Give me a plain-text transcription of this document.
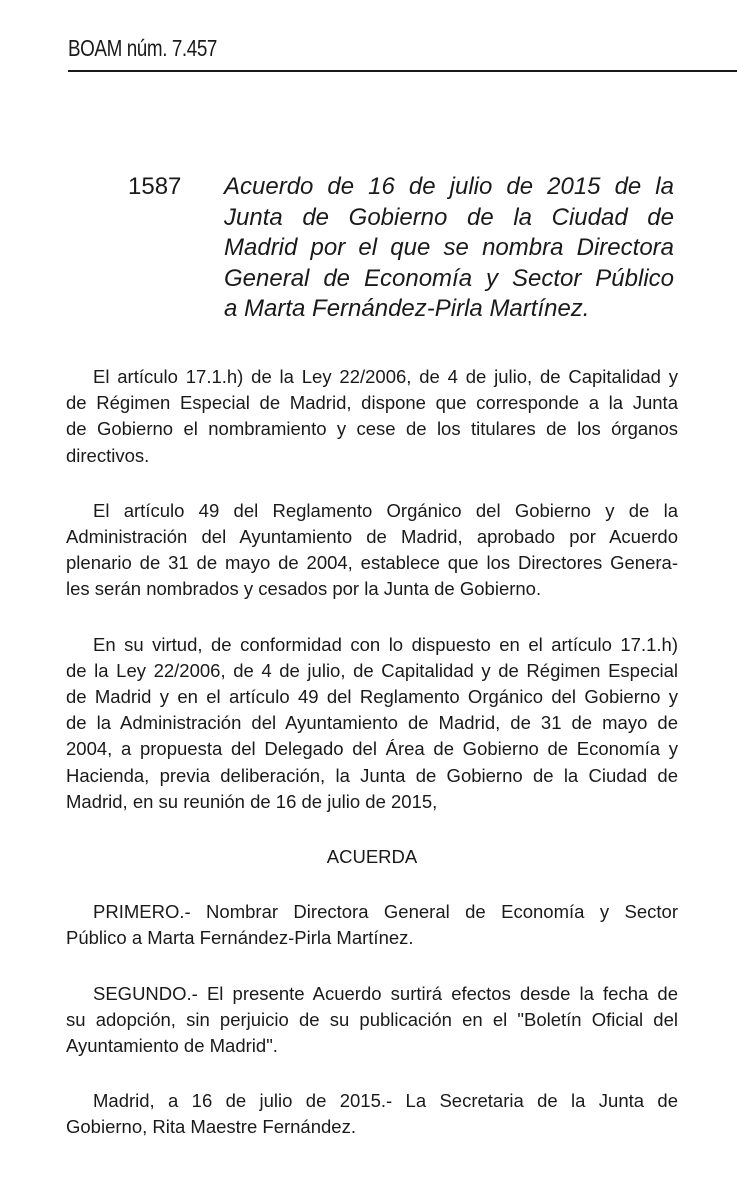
BOAM núm. 7.457
1587 Acuerdo de 16 de julio de 2015 de la
Junta de Gobierno de la Ciudad de
Madrid por el que se nombra Directora
General de Economía y Sector Público
a Marta Fernández-Pirla Martínez.
El artículo 17.1.h) de la Ley 22/2006, de 4 de julio, de Capitalidad y
de Régimen Especial de Madrid, dispone que corresponde a la Junta
de Gobierno el nombramiento y cese de los titulares de los órganos
directivos.
El artículo 49 del Reglamento Orgánico del Gobierno y de la
Administración del Ayuntamiento de Madrid, aprobado por Acuerdo
plenario de 31 de mayo de 2004, establece que los Directores Genera-
les serán nombrados y cesados por la Junta de Gobierno.
En su virtud, de conformidad con lo dispuesto en el artículo 17.1.h)
de la Ley 22/2006, de 4 de julio, de Capitalidad y de Régimen Especial
de Madrid y en el artículo 49 del Reglamento Orgánico del Gobierno y
de la Administración del Ayuntamiento de Madrid, de 31 de mayo de
2004, a propuesta del Delegado del Área de Gobierno de Economía y
Hacienda, previa deliberación, la Junta de Gobierno de la Ciudad de
Madrid, en su reunión de 16 de julio de 2015,
ACUERDA
PRIMERO.- Nombrar Directora General de Economía y Sector
Público a Marta Fernández-Pirla Martínez.
SEGUNDO.- El presente Acuerdo surtirá efectos desde la fecha de
su adopción, sin perjuicio de su publicación en el "Boletín Oficial del
Ayuntamiento de Madrid".
Madrid, a 16 de julio de 2015.- La Secretaria de la Junta de
Gobierno, Rita Maestre Fernández.
